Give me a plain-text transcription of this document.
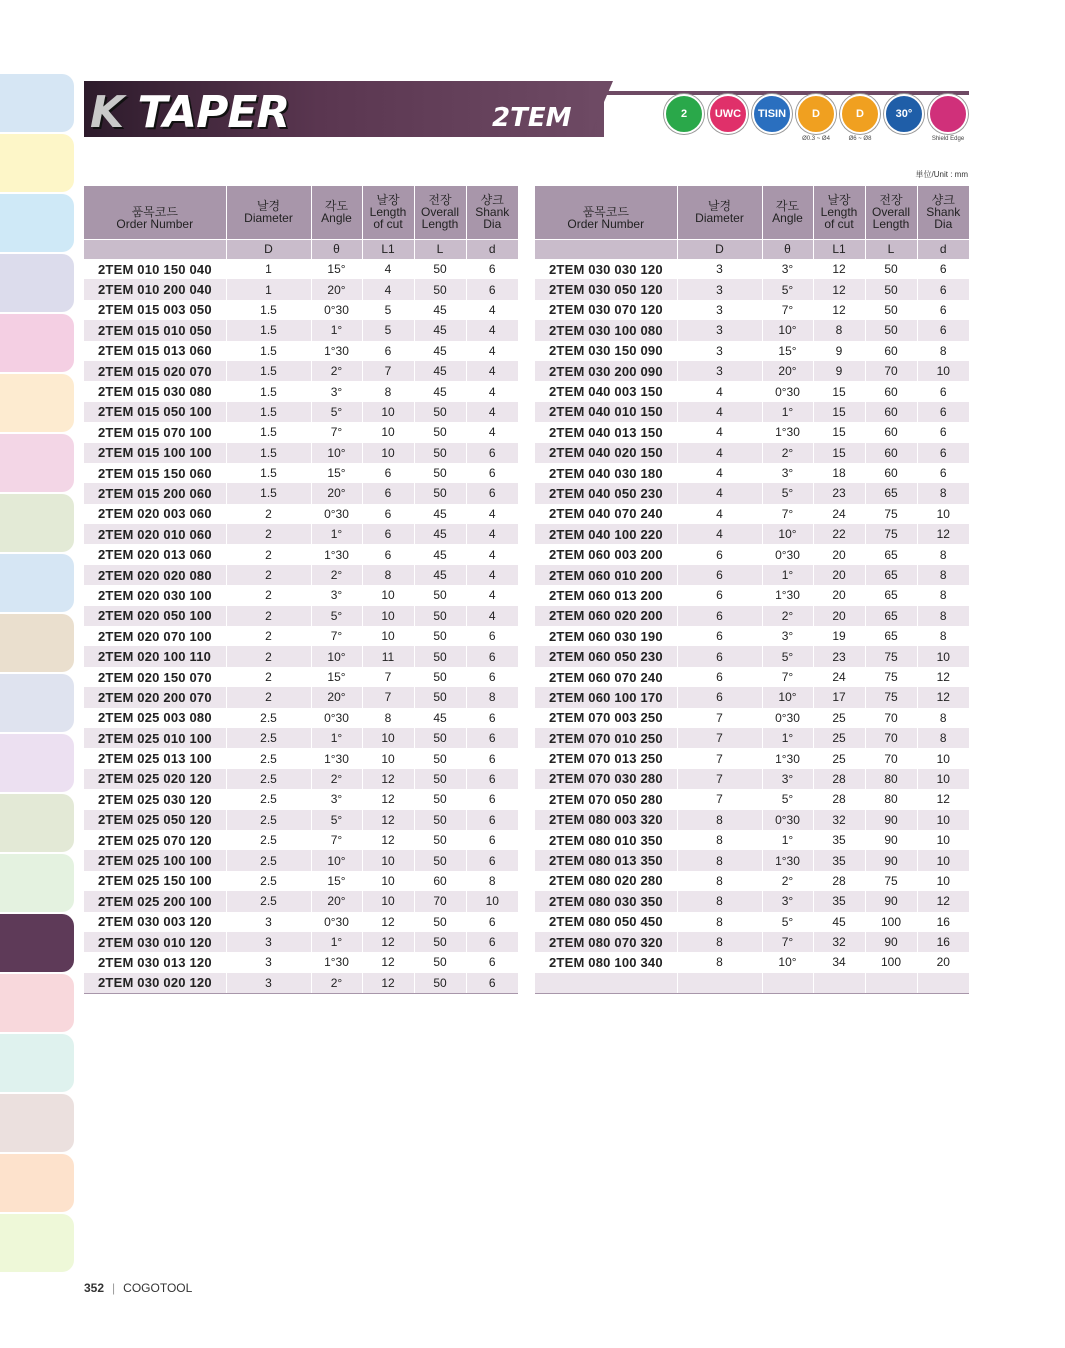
K TAPER	2TEM	2	UWC	TISIN	D
Ø0.3 ~ Ø4
D
Ø6 ~ Ø8
30°
Shield Edge
単位/Unit : mm

품목코드
Order Number	날경
Diameter	각도
Angle	날장
Length
of cut	전장
Overall
Length	샹크
Shank
Dia
	D	θ	L1	L	d
2TEM 010 150 040	1	15°	4	50	6
2TEM 010 200 040	1	20°	4	50	6
2TEM 015 003 050	1.5	0°30	5	45	4
2TEM 015 010 050	1.5	1°	5	45	4
2TEM 015 013 060	1.5	1°30	6	45	4
2TEM 015 020 070	1.5	2°	7	45	4
2TEM 015 030 080	1.5	3°	8	45	4
2TEM 015 050 100	1.5	5°	10	50	4
2TEM 015 070 100	1.5	7°	10	50	4
2TEM 015 100 100	1.5	10°	10	50	6
2TEM 015 150 060	1.5	15°	6	50	6
2TEM 015 200 060	1.5	20°	6	50	6
2TEM 020 003 060	2	0°30	6	45	4
2TEM 020 010 060	2	1°	6	45	4
2TEM 020 013 060	2	1°30	6	45	4
2TEM 020 020 080	2	2°	8	45	4
2TEM 020 030 100	2	3°	10	50	4
2TEM 020 050 100	2	5°	10	50	4
2TEM 020 070 100	2	7°	10	50	6
2TEM 020 100 110	2	10°	11	50	6
2TEM 020 150 070	2	15°	7	50	6
2TEM 020 200 070	2	20°	7	50	8
2TEM 025 003 080	2.5	0°30	8	45	6
2TEM 025 010 100	2.5	1°	10	50	6
2TEM 025 013 100	2.5	1°30	10	50	6
2TEM 025 020 120	2.5	2°	12	50	6
2TEM 025 030 120	2.5	3°	12	50	6
2TEM 025 050 120	2.5	5°	12	50	6
2TEM 025 070 120	2.5	7°	12	50	6
2TEM 025 100 100	2.5	10°	10	50	6
2TEM 025 150 100	2.5	15°	10	60	8
2TEM 025 200 100	2.5	20°	10	70	10
2TEM 030 003 120	3	0°30	12	50	6
2TEM 030 010 120	3	1°	12	50	6
2TEM 030 013 120	3	1°30	12	50	6
2TEM 030 020 120	3	2°	12	50	6

품목코드
Order Number	날경
Diameter	각도
Angle	날장
Length
of cut	전장
Overall
Length	샹크
Shank
Dia
	D	θ	L1	L	d
2TEM 030 030 120	3	3°	12	50	6
2TEM 030 050 120	3	5°	12	50	6
2TEM 030 070 120	3	7°	12	50	6
2TEM 030 100 080	3	10°	8	50	6
2TEM 030 150 090	3	15°	9	60	8
2TEM 030 200 090	3	20°	9	70	10
2TEM 040 003 150	4	0°30	15	60	6
2TEM 040 010 150	4	1°	15	60	6
2TEM 040 013 150	4	1°30	15	60	6
2TEM 040 020 150	4	2°	15	60	6
2TEM 040 030 180	4	3°	18	60	6
2TEM 040 050 230	4	5°	23	65	8
2TEM 040 070 240	4	7°	24	75	10
2TEM 040 100 220	4	10°	22	75	12
2TEM 060 003 200	6	0°30	20	65	8
2TEM 060 010 200	6	1°	20	65	8
2TEM 060 013 200	6	1°30	20	65	8
2TEM 060 020 200	6	2°	20	65	8
2TEM 060 030 190	6	3°	19	65	8
2TEM 060 050 230	6	5°	23	75	10
2TEM 060 070 240	6	7°	24	75	12
2TEM 060 100 170	6	10°	17	75	12
2TEM 070 003 250	7	0°30	25	70	8
2TEM 070 010 250	7	1°	25	70	8
2TEM 070 013 250	7	1°30	25	70	10
2TEM 070 030 280	7	3°	28	80	10
2TEM 070 050 280	7	5°	28	80	12
2TEM 080 003 320	8	0°30	32	90	10
2TEM 080 010 350	8	1°	35	90	10
2TEM 080 013 350	8	1°30	35	90	10
2TEM 080 020 280	8	2°	28	75	10
2TEM 080 030 350	8	3°	35	90	12
2TEM 080 050 450	8	5°	45	100	16
2TEM 080 070 320	8	7°	32	90	16
2TEM 080 100 340	8	10°	34	100	20

352 | COGOTOOL
